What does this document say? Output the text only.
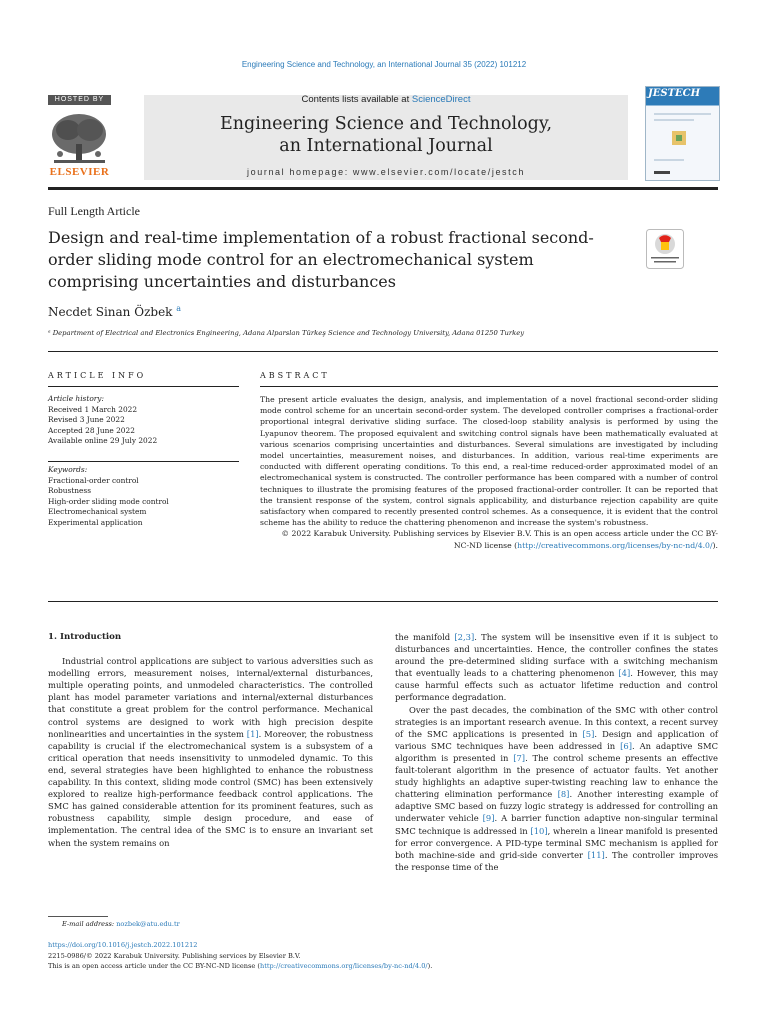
Engineering Science and Technology, an International Journal 35 (2022) 101212
HOSTED BY
ELSEVIER
Contents lists available at ScienceDirect
Engineering Science and Technology,
an International Journal
journal homepage: www.elsevier.com/locate/jestch
JESTECH
Full Length Article
Design and real-time implementation of a robust fractional second-order sliding mode control for an electromechanical system comprising uncertainties and disturbances
Necdet Sinan Özbek $^a$
ᵃ Department of Electrical and Electronics Engineering, Adana Alparslan Türkeş Science and Technology University, Adana 01250 Turkey
ARTICLE INFO
Article history:
Received 1 March 2022
Revised 3 June 2022
Accepted 28 June 2022
Available online 29 July 2022
Keywords:
Fractional-order control
Robustness
High-order sliding mode control
Electromechanical system
Experimental application
ABSTRACT
The present article evaluates the design, analysis, and implementation of a novel fractional second-order sliding mode control scheme for an uncertain second-order system. The developed controller comprises a fractional-order proportional integral derivative sliding surface. The closed-loop stability analysis is performed by using the Lyapunov theorem. The proposed equivalent and switching control signals have been mathematically evaluated at various scenarios comprising uncertainties and disturbances. Several simulations are investigated by including model uncertainties, measurement noises, and disturbances. In addition, various real-time experiments are conducted with different operating conditions. To this end, a real-time reduced-order approximated model of an electromechanical system is constructed. The controller performance has been compared with a number of control techniques to illustrate the promising features of the proposed fractional-order controller. It can be reported that the transient response of the system, control signals applicability, and disturbance rejection capability are quite satisfactory when compared to recently presented control schemes. As a consequence, it is evident that the control scheme has the ability to reduce the chattering phenomenon and increase the system's robustness.
© 2022 Karabuk University. Publishing services by Elsevier B.V. This is an open access article under the CC BY-NC-ND license (http://creativecommons.org/licenses/by-nc-nd/4.0/).

1. Introduction

Industrial control applications are subject to various adversities such as modelling errors, measurement noises, internal/external disturbances, multiple operating points, and unmodeled characteristics. The controlled plant has model parameter variations and internal/external disturbances that constitute a great problem for the control performance. Mechanical control systems are designed to work with high precision despite nonlinearities and uncertainties in the system [1]. Moreover, the robustness capability is crucial if the electromechanical system is a subsystem of a critical operation that needs insensitivity to unmodeled dynamic. To this end, several strategies have been highlighted to enhance the robustness capability. In this context, sliding mode control (SMC) has been extensively explored to realize high-performance feedback control applications. The SMC has gained considerable attention for its prominent features, such as robustness capability, simple design procedure, and ease of implementation. The central idea of the SMC is to ensure an invariant set when the system remains on

the manifold [2,3]. The system will be insensitive even if it is subject to disturbances and uncertainties. Hence, the controller confines the states around the pre-determined sliding surface with a switching mechanism that eventually leads to a chattering phenomenon [4]. However, this may cause harmful effects such as actuator lifetime reduction and control performance degradation.

Over the past decades, the combination of the SMC with other control strategies is an important research avenue. In this context, a recent survey of the SMC applications is presented in [5]. Design and application of various SMC techniques have been addressed in [6]. An adaptive SMC algorithm is presented in [7]. The control scheme presents an effective fault-tolerant algorithm in the presence of actuator faults. Yet another study highlights an adaptive super-twisting reaching law to enhance the chattering elimination performance [8]. Another interesting example of adaptive SMC based on fuzzy logic strategy is addressed for controlling an underwater vehicle [9]. A barrier function adaptive non-singular terminal SMC technique is addressed in [10], wherein a linear manifold is presented for error convergence. A PID-type terminal SMC mechanism is applied for both machine-side and grid-side converter [11]. The controller improves the response time of the

E-mail address: nozbek@atu.edu.tr
https://doi.org/10.1016/j.jestch.2022.101212
2215-0986/© 2022 Karabuk University. Publishing services by Elsevier B.V.
This is an open access article under the CC BY-NC-ND license (http://creativecommons.org/licenses/by-nc-nd/4.0/).
